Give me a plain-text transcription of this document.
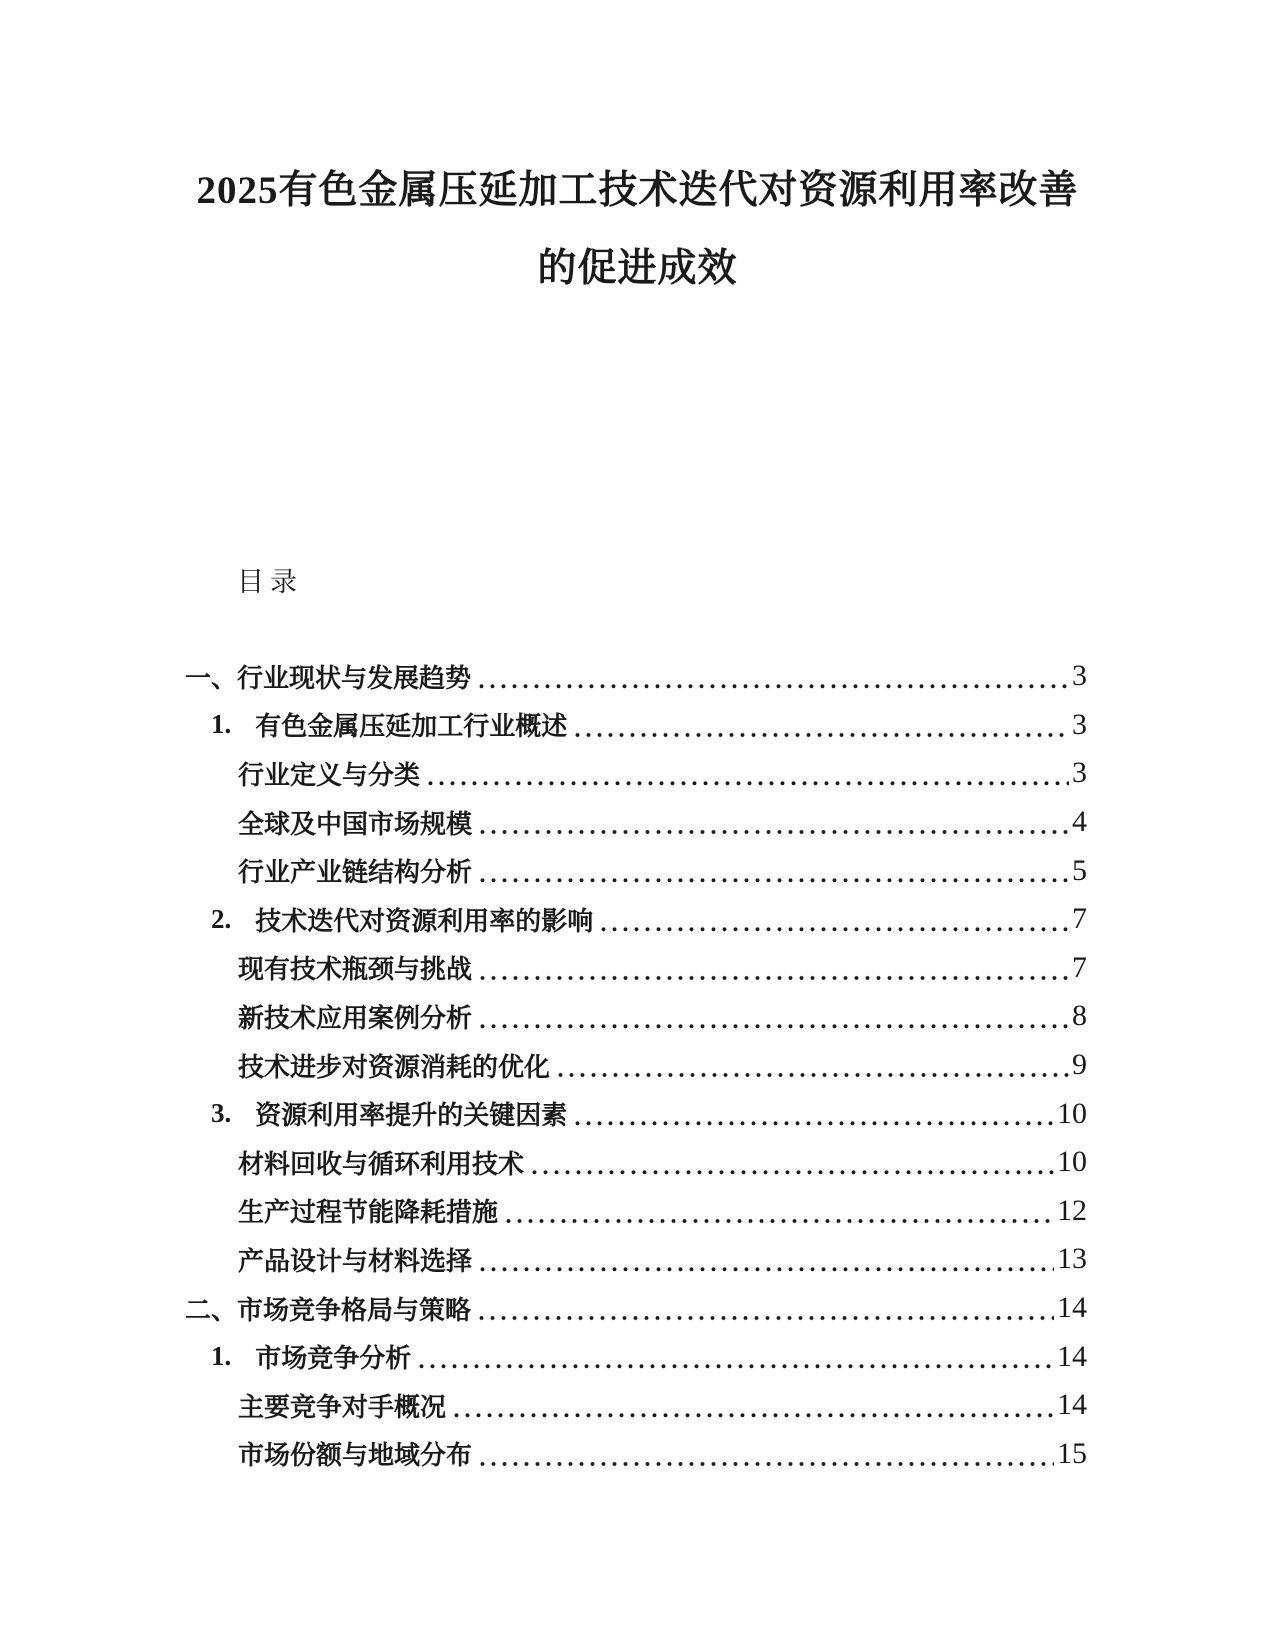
2025有色金属压延加工技术迭代对资源利用率改善
的促进成效
目录
一、行业现状与发展趋势	3
1. 有色金属压延加工行业概述	3
行业定义与分类	3
全球及中国市场规模	4
行业产业链结构分析	5
2. 技术迭代对资源利用率的影响	7
现有技术瓶颈与挑战	7
新技术应用案例分析	8
技术进步对资源消耗的优化	9
3. 资源利用率提升的关键因素	10
材料回收与循环利用技术	10
生产过程节能降耗措施	12
产品设计与材料选择	13
二、市场竞争格局与策略	14
1. 市场竞争分析	14
主要竞争对手概况	14
市场份额与地域分布	15
